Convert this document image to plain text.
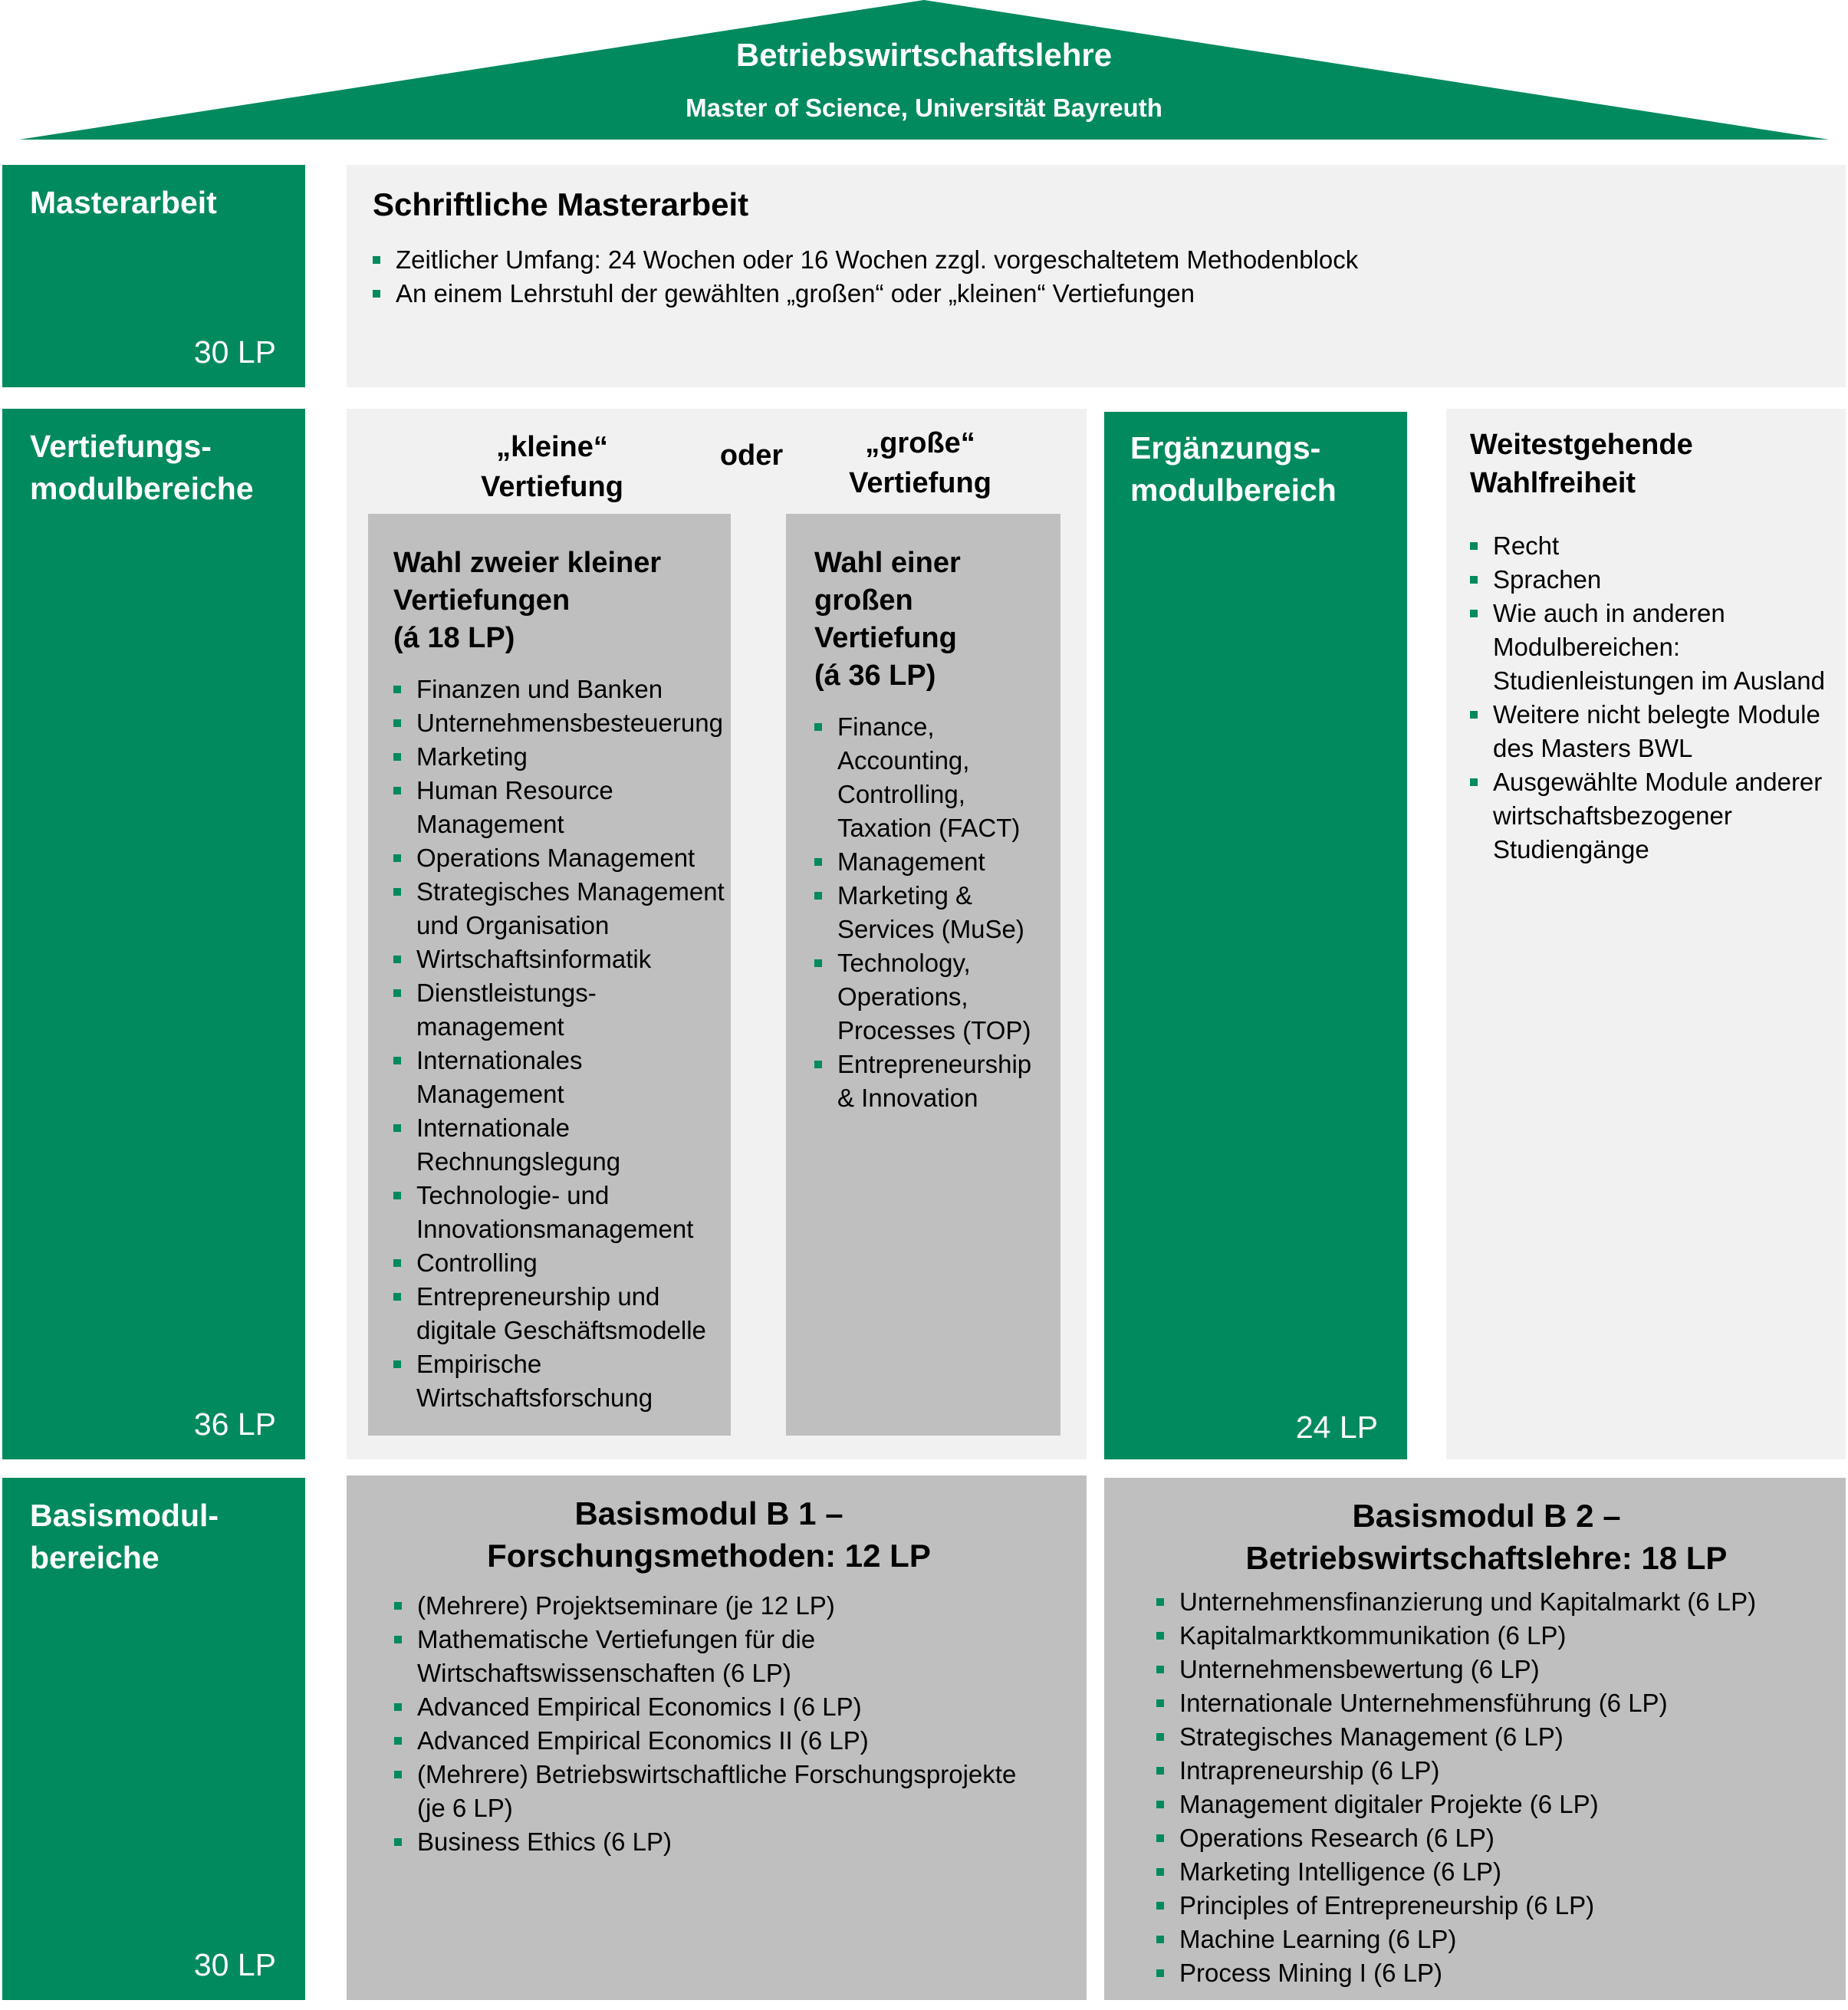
Betriebswirtschaftslehre
Master of Science, Universität Bayreuth
Masterarbeit
30 LP
Schriftliche Masterarbeit
Zeitlicher Umfang: 24 Wochen oder 16 Wochen zzgl. vorgeschaltetem Methodenblock
An einem Lehrstuhl der gewählten „großen“ oder „kleinen“ Vertiefungen
Vertiefungs-
modulbereiche
36 LP
„kleine“
Vertiefung
oder	„große“
Vertiefung
Wahl zweier kleiner
Vertiefungen
(á 18 LP)
Finanzen und Banken
Unternehmensbesteuerung
Marketing
Human Resource
Management
Operations Management
Strategisches Management
und Organisation
Wirtschaftsinformatik
Dienstleistungs-
management
Internationales Management
Internationale
Rechnungslegung
Technologie- und
Innovationsmanagement
Controlling
Entrepreneurship und
digitale Geschäftsmodelle
Empirische
Wirtschaftsforschung
Wahl einer
großen Vertiefung
(á 36 LP)
Finance,
Accounting,
Controlling,
Taxation (FACT)
Management
Marketing &
Services (MuSe)
Technology,
Operations,
Processes (TOP)
Entrepreneurship
& Innovation
Ergänzungs-
modulbereich
24 LP
Weitestgehende
Wahlfreiheit
Recht
Sprachen
Wie auch in anderen
Modulbereichen:
Studienleistungen im Ausland
Weitere nicht belegte Module
des Masters BWL
Ausgewählte Module anderer
wirtschaftsbezogener
Studiengänge
Basismodul-
bereiche
30 LP
Basismodul B 1 –
Forschungsmethoden: 12 LP
(Mehrere) Projektseminare (je 12 LP)
Mathematische Vertiefungen für die
Wirtschaftswissenschaften (6 LP)
Advanced Empirical Economics I (6 LP)
Advanced Empirical Economics II (6 LP)
(Mehrere) Betriebswirtschaftliche Forschungsprojekte
(je 6 LP)
Business Ethics (6 LP)
Basismodul B 2 –
Betriebswirtschaftslehre: 18 LP
Unternehmensfinanzierung und Kapitalmarkt (6 LP)
Kapitalmarktkommunikation (6 LP)
Unternehmensbewertung (6 LP)
Internationale Unternehmensführung (6 LP)
Strategisches Management (6 LP)
Intrapreneurship (6 LP)
Management digitaler Projekte (6 LP)
Operations Research (6 LP)
Marketing Intelligence (6 LP)
Principles of Entrepreneurship (6 LP)
Machine Learning (6 LP)
Process Mining I (6 LP)
